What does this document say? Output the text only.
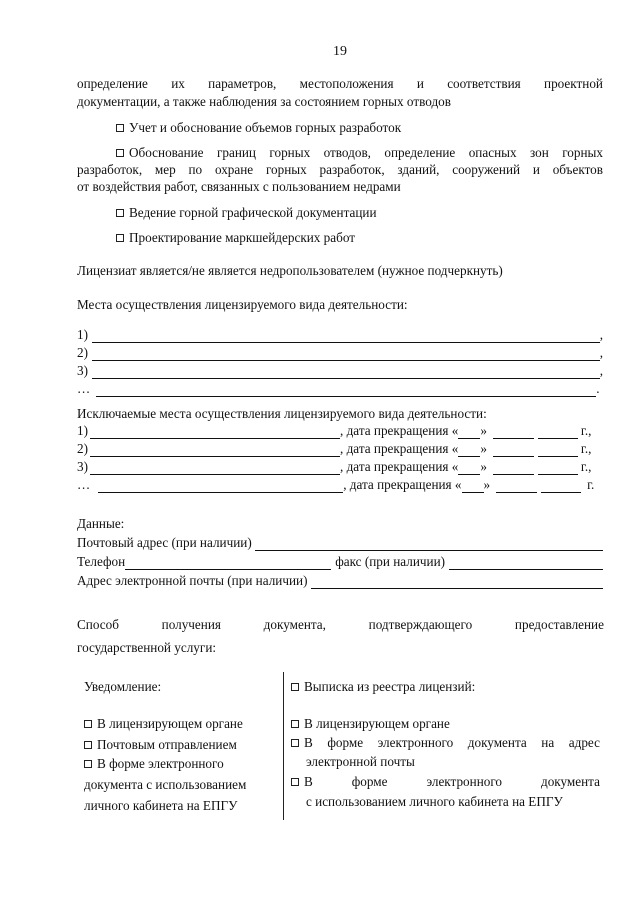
19
определение   их   параметров,   местоположения   и   соответствия   проектной
документации, а также наблюдения за состоянием горных отводов
Учет и обоснование объемов горных разработок
Обоснование границ горных отводов, определение опасных зон горных
разработок, мер по охране горных разработок, зданий, сооружений и объектов
от воздействия работ, связанных с пользованием недрами
Ведение горной графической документации
Проектирование маркшейдерских работ
Лицензиат является/не является недропользователем (нужное подчеркнуть)
Места осуществления лицензируемого вида деятельности:
1)	,
2)	,
3)	,
…	.
Исключаемые места осуществления лицензируемого вида деятельности:
1)	, дата прекращения « »	г.,
2)	, дата прекращения « »	г.,
3)	, дата прекращения « »	г.,
…	, дата прекращения « »	г.
Данные:
Почтовый адрес (при наличии)
Телефон	факс (при наличии)
Адрес электронной почты (при наличии)
Способ	получения	документа,	подтверждающего	предоставление
государственной услуги:
Уведомление:
В лицензирующем органе
Почтовым отправлением
В форме электронного
документа с использованием
личного кабинета на ЕПГУ
Выписка из реестра лицензий:
В лицензирующем органе
В форме электронного документа на адрес
электронной почты
В	форме	электронного	документа
с использованием личного кабинета на ЕПГУ
